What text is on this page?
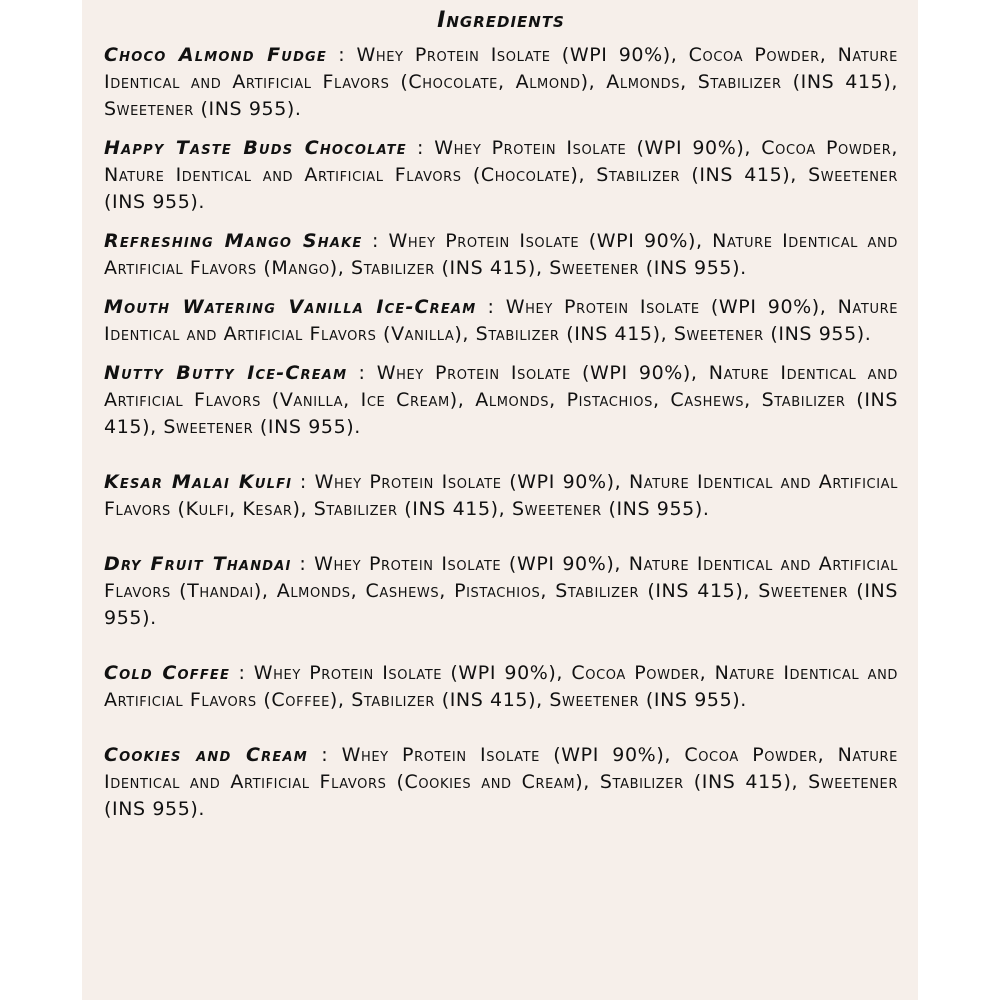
Ingredients

Choco Almond Fudge : Whey Protein Isolate (WPI 90%), Cocoa Powder, Nature Identical and Artificial Flavors (Chocolate, Almond), Almonds, Stabilizer (INS 415), Sweetener (INS 955).

Happy Taste Buds Chocolate : Whey Protein Isolate (WPI 90%), Cocoa Powder, Nature Identical and Artificial Flavors (Chocolate), Stabilizer (INS 415), Sweetener (INS 955).

Refreshing Mango Shake : Whey Protein Isolate (WPI 90%), Nature Identical and Artificial Flavors (Mango), Stabilizer (INS 415), Sweetener (INS 955).

Mouth Watering Vanilla Ice-Cream : Whey Protein Isolate (WPI 90%), Nature Identical and Artificial Flavors (Vanilla), Stabilizer (INS 415), Sweetener (INS 955).

Nutty Butty Ice-Cream : Whey Protein Isolate (WPI 90%), Nature Identical and Artificial Flavors (Vanilla, Ice Cream), Almonds, Pistachios, Cashews, Stabilizer (INS 415), Sweetener (INS 955).

Kesar Malai Kulfi : Whey Protein Isolate (WPI 90%), Nature Identical and Artificial Flavors (Kulfi, Kesar), Stabilizer (INS 415), Sweetener (INS 955).

Dry Fruit Thandai : Whey Protein Isolate (WPI 90%), Nature Identical and Artificial Flavors (Thandai), Almonds, Cashews, Pistachios, Stabilizer (INS 415), Sweetener (INS 955).

Cold Coffee : Whey Protein Isolate (WPI 90%), Cocoa Powder, Nature Identical and Artificial Flavors (Coffee), Stabilizer (INS 415), Sweetener (INS 955).

Cookies and Cream : Whey Protein Isolate (WPI 90%), Cocoa Powder, Nature Identical and Artificial Flavors (Cookies and Cream), Stabilizer (INS 415), Sweetener (INS 955).
